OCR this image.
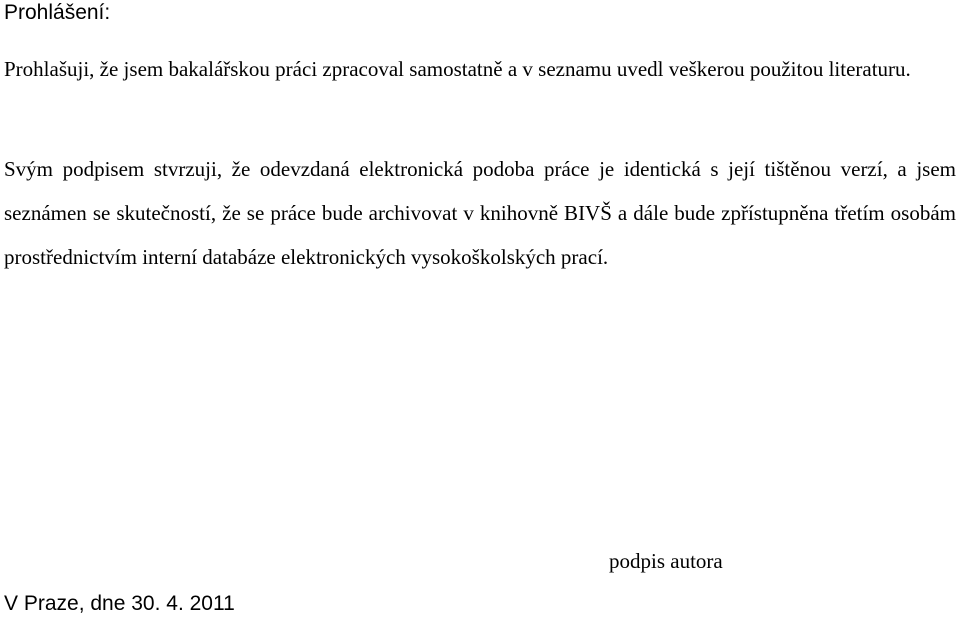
Prohlášení:

Prohlašuji, že jsem bakalářskou práci zpracoval samostatně a v seznamu uvedl veškerou použitou literaturu.

Svým podpisem stvrzuji, že odevzdaná elektronická podoba práce je identická s její tištěnou verzí, a jsem seznámen se skutečností, že se práce bude archivovat v knihovně BIVŠ a dále bude zpřístupněna třetím osobám prostřednictvím interní databáze elektronických vysokoškolských prací.

podpis autora
V Praze, dne 30. 4. 2011
